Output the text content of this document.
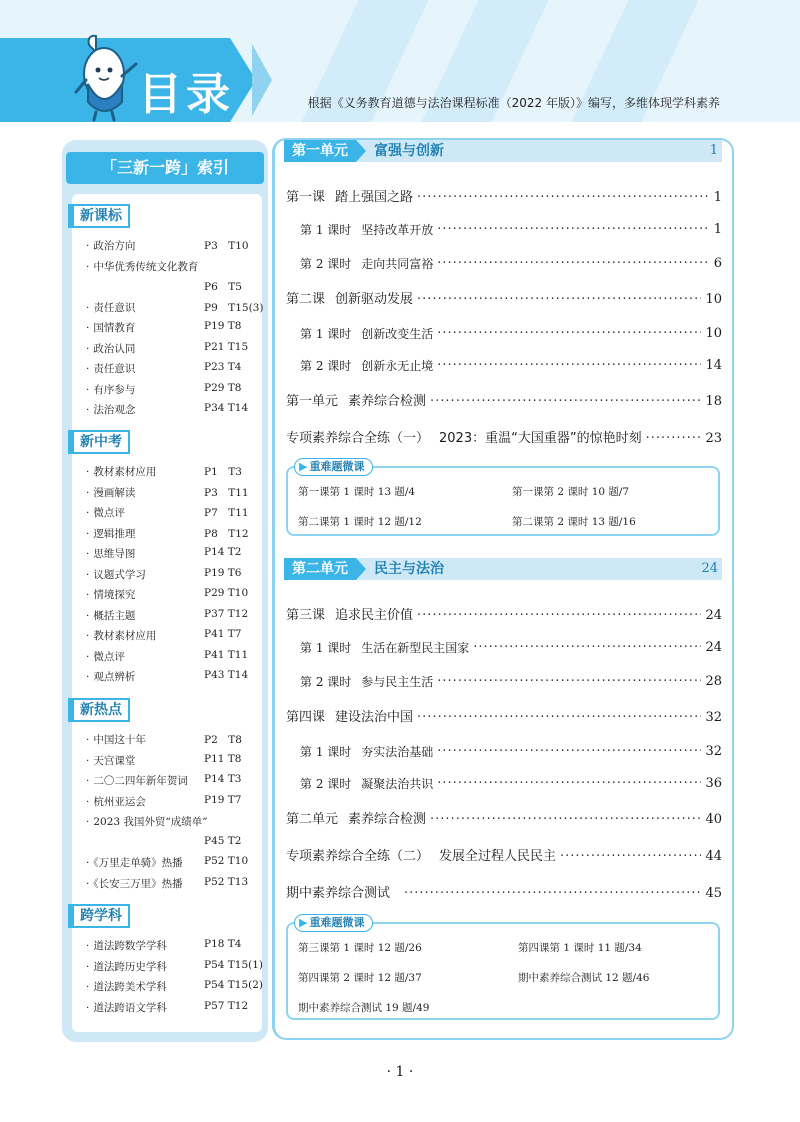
目录	根据《义务教育道德与法治课程标准（2022 年版）》编写，多维体现学科素养
「三新一跨」索引
新课标
· 政治方向	P3　T10
· 中华优秀传统文化教育
P6　T5
· 责任意识	P9　T15(3)
· 国情教育	P19 T8
· 政治认同	P21 T15
· 责任意识	P23 T4
· 有序参与	P29 T8
· 法治观念	P34 T14
新中考
· 教材素材应用	P1　T3
· 漫画解读	P3　T11
· 微点评	P7　T11
· 逻辑推理	P8　T12
· 思维导图	P14 T2
· 议题式学习	P19 T6
· 情境探究	P29 T10
· 概括主题	P37 T12
· 教材素材应用	P41 T7
· 微点评	P41 T11
· 观点辨析	P43 T14
新热点
· 中国这十年	P2　T8
· 天宫课堂	P11 T8
· 二〇二四年新年贺词 P14 T3
· 杭州亚运会	P19 T7
· 2023 我国外贸“成绩单”
P45 T2
· 《万里走单骑》热播 P52 T10
· 《长安三万里》热播 P52 T13
跨学科
· 道法跨数学学科	P18 T4
· 道法跨历史学科	P54 T15(1)
· 道法跨美术学科	P54 T15(2)
· 道法跨语文学科	P57 T12
第一单元	富强与创新	1
第一课 踏上强国之路 ·····	1
第 1 课时 坚持改革开放 ·····	1
第 2 课时 走向共同富裕 ·····	6
第二课 创新驱动发展 ·····	10
第 1 课时 创新改变生活 ·····	10
第 2 课时 创新永无止境 ·····	14
第一单元 素养综合检测 ·····	18
专项素养综合全练（一） 2023：重温“大国重器”的惊艳时刻 ·····	23
▶ 重难题微课
第一课第 1 课时 13 题/4	第一课第 2 课时 10 题/7
第二课第 1 课时 12 题/12	第二课第 2 课时 13 题/16
第二单元	民主与法治	24
第三课 追求民主价值 ·····	24
第 1 课时 生活在新型民主国家 ·····	24
第 2 课时 参与民主生活 ·····	28
第四课 建设法治中国 ·····	32
第 1 课时 夯实法治基础 ·····	32
第 2 课时 凝聚法治共识 ·····	36
第二单元 素养综合检测 ·····	40
专项素养综合全练（二） 发展全过程人民民主 ·····	44
期中素养综合测试 ·····	45
▶ 重难题微课
第三课第 1 课时 12 题/26	第四课第 1 课时 11 题/34
第四课第 2 课时 12 题/37	期中素养综合测试 12 题/46
期中素养综合测试 19 题/49
· 1 ·
